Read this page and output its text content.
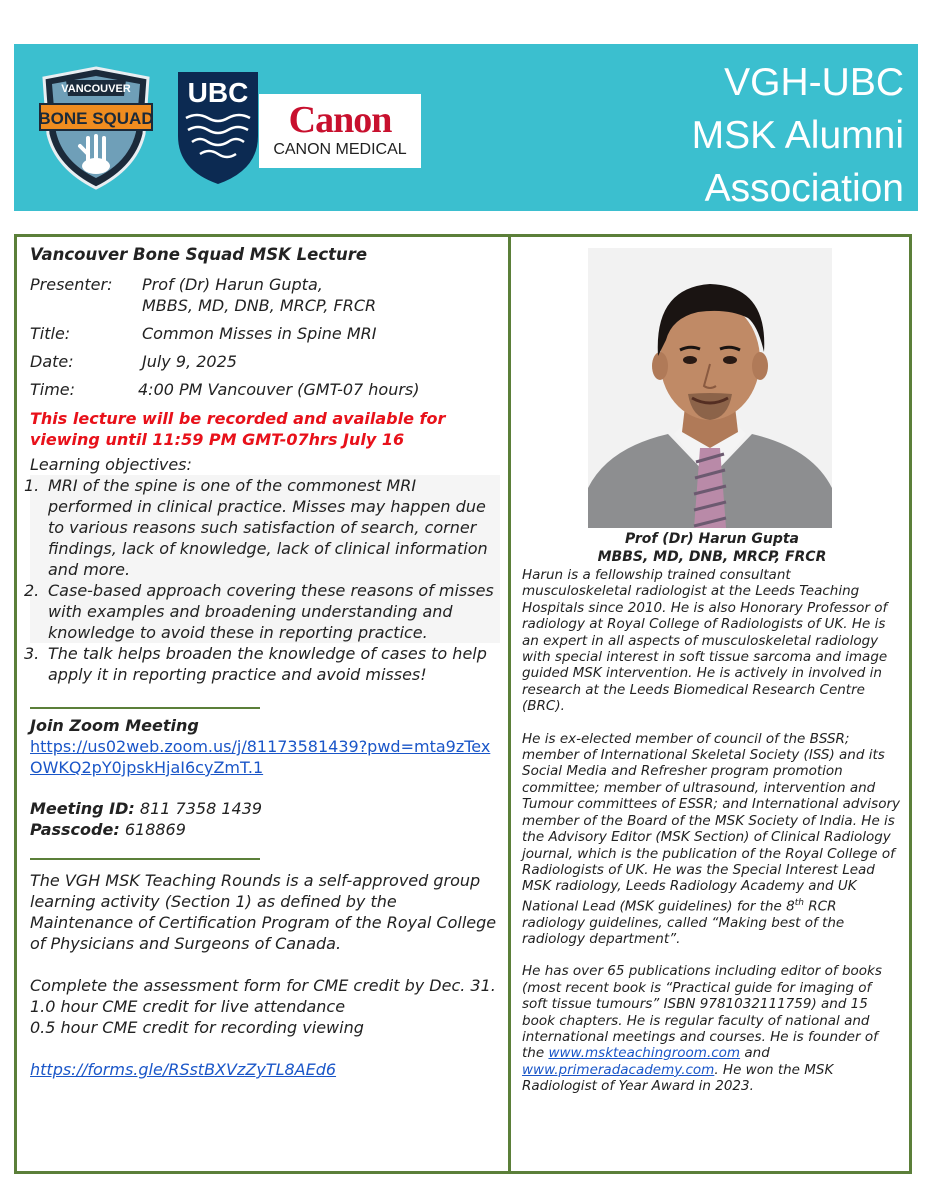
VANCOUVER
BONE SQUAD
UBC
Canon
CANON MEDICAL
VGH-UBC
MSK Alumni
Association
Vancouver Bone Squad MSK Lecture
Presenter:	Prof (Dr) Harun Gupta,
MBBS, MD, DNB, MRCP, FRCR
Title:	Common Misses in Spine MRI
Date:	July 9, 2025
Time:	4:00 PM Vancouver (GMT-07 hours)
This lecture will be recorded and available for viewing until 11:59 PM GMT-07hrs July 16
Learning objectives:
1. MRI of the spine is one of the commonest MRI performed in clinical practice. Misses may happen due to various reasons such satisfaction of search, corner findings, lack of knowledge, lack of clinical information and more.
2. Case-based approach covering these reasons of misses with examples and broadening understanding and knowledge to avoid these in reporting practice.
3. The talk helps broaden the knowledge of cases to help apply it in reporting practice and avoid misses!
Join Zoom Meeting
https://us02web.zoom.us/j/81173581439?pwd=mta9zTexOWKQ2pY0jpskHjaI6cyZmT.1
Meeting ID: 811 7358 1439
Passcode: 618869
The VGH MSK Teaching Rounds is a self-approved group learning activity (Section 1) as defined by the Maintenance of Certification Program of the Royal College of Physicians and Surgeons of Canada.
Complete the assessment form for CME credit by Dec. 31.
1.0 hour CME credit for live attendance
0.5 hour CME credit for recording viewing
https://forms.gle/RSstBXVzZyTL8AEd6
Prof (Dr) Harun Gupta
MBBS, MD, DNB, MRCP, FRCR

Harun is a fellowship trained consultant musculoskeletal radiologist at the Leeds Teaching Hospitals since 2010. He is also Honorary Professor of radiology at Royal College of Radiologists of UK. He is an expert in all aspects of musculoskeletal radiology with special interest in soft tissue sarcoma and image guided MSK intervention. He is actively in involved in research at the Leeds Biomedical Research Centre (BRC).

He is ex-elected member of council of the BSSR; member of International Skeletal Society (ISS) and its Social Media and Refresher program promotion committee; member of ultrasound, intervention and Tumour committees of ESSR; and International advisory member of the Board of the MSK Society of India. He is the Advisory Editor (MSK Section) of Clinical Radiology journal, which is the publication of the Royal College of Radiologists of UK. He was the Special Interest Lead MSK radiology, Leeds Radiology Academy and UK National Lead (MSK guidelines) for the 8th RCR radiology guidelines, called “Making best of the radiology department”.

He has over 65 publications including editor of books (most recent book is “Practical guide for imaging of soft tissue tumours” ISBN 9781032111759) and 15 book chapters. He is regular faculty of national and international meetings and courses. He is founder of the www.mskteachingroom.com and www.primeradacademy.com. He won the MSK Radiologist of Year Award in 2023.
